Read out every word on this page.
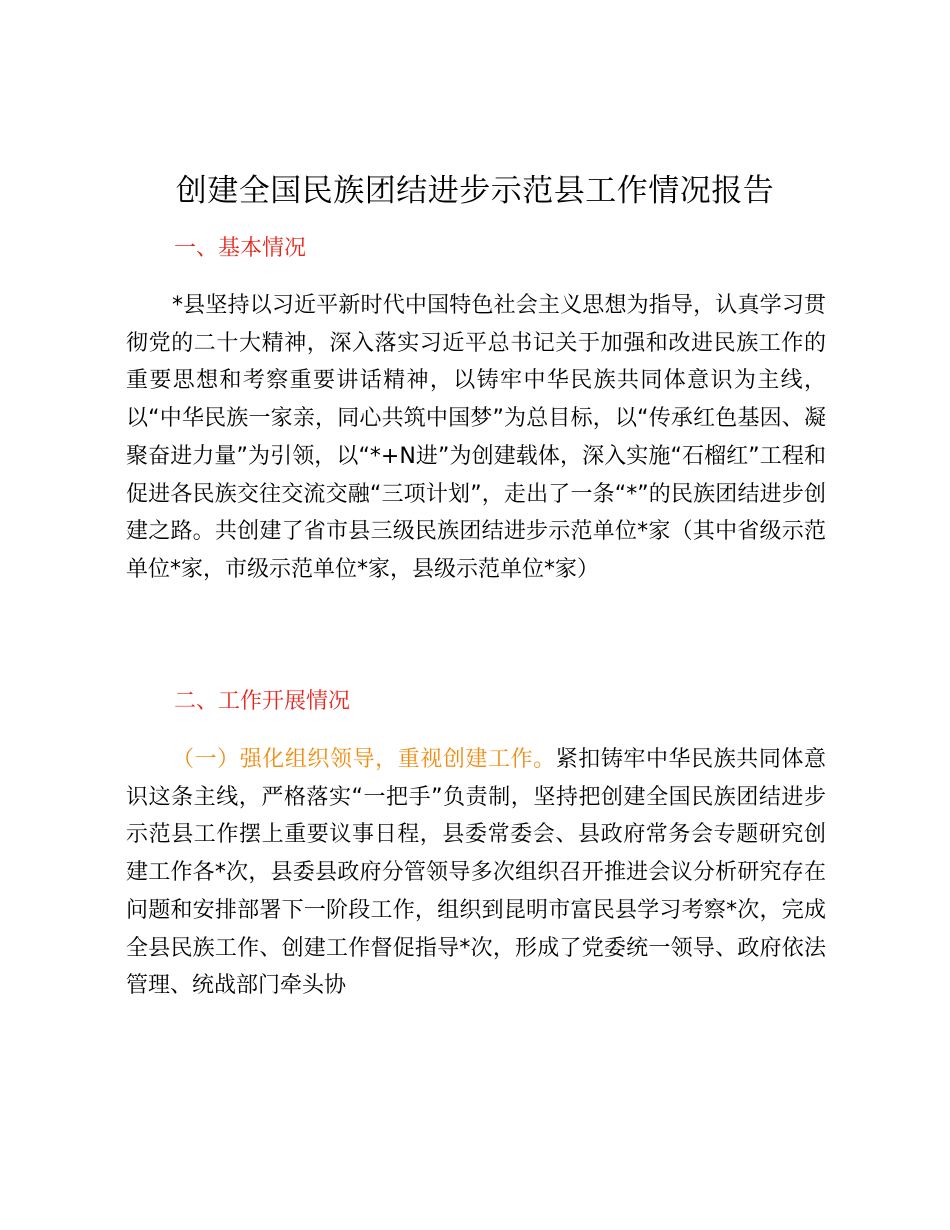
创建全国民族团结进步示范县工作情况报告
一、基本情况
*县坚持以习近平新时代中国特色社会主义思想为指导，认真学习贯彻党的二十大精神，深入落实习近平总书记关于加强和改进民族工作的重要思想和考察重要讲话精神，以铸牢中华民族共同体意识为主线，以“中华民族一家亲，同心共筑中国梦”为总目标，以“传承红色基因、凝聚奋进力量”为引领，以“*+N进”为创建载体，深入实施“石榴红”工程和促进各民族交往交流交融“三项计划”，走出了一条“*”的民族团结进步创建之路。共创建了省市县三级民族团结进步示范单位*家（其中省级示范单位*家，市级示范单位*家，县级示范单位*家）
二、工作开展情况
（一）强化组织领导，重视创建工作。紧扣铸牢中华民族共同体意识这条主线，严格落实“一把手”负责制，坚持把创建全国民族团结进步示范县工作摆上重要议事日程，县委常委会、县政府常务会专题研究创建工作各*次，县委县政府分管领导多次组织召开推进会议分析研究存在问题和安排部署下一阶段工作，组织到昆明市富民县学习考察*次，完成全县民族工作、创建工作督促指导*次，形成了党委统一领导、政府依法管理、统战部门牵头协
